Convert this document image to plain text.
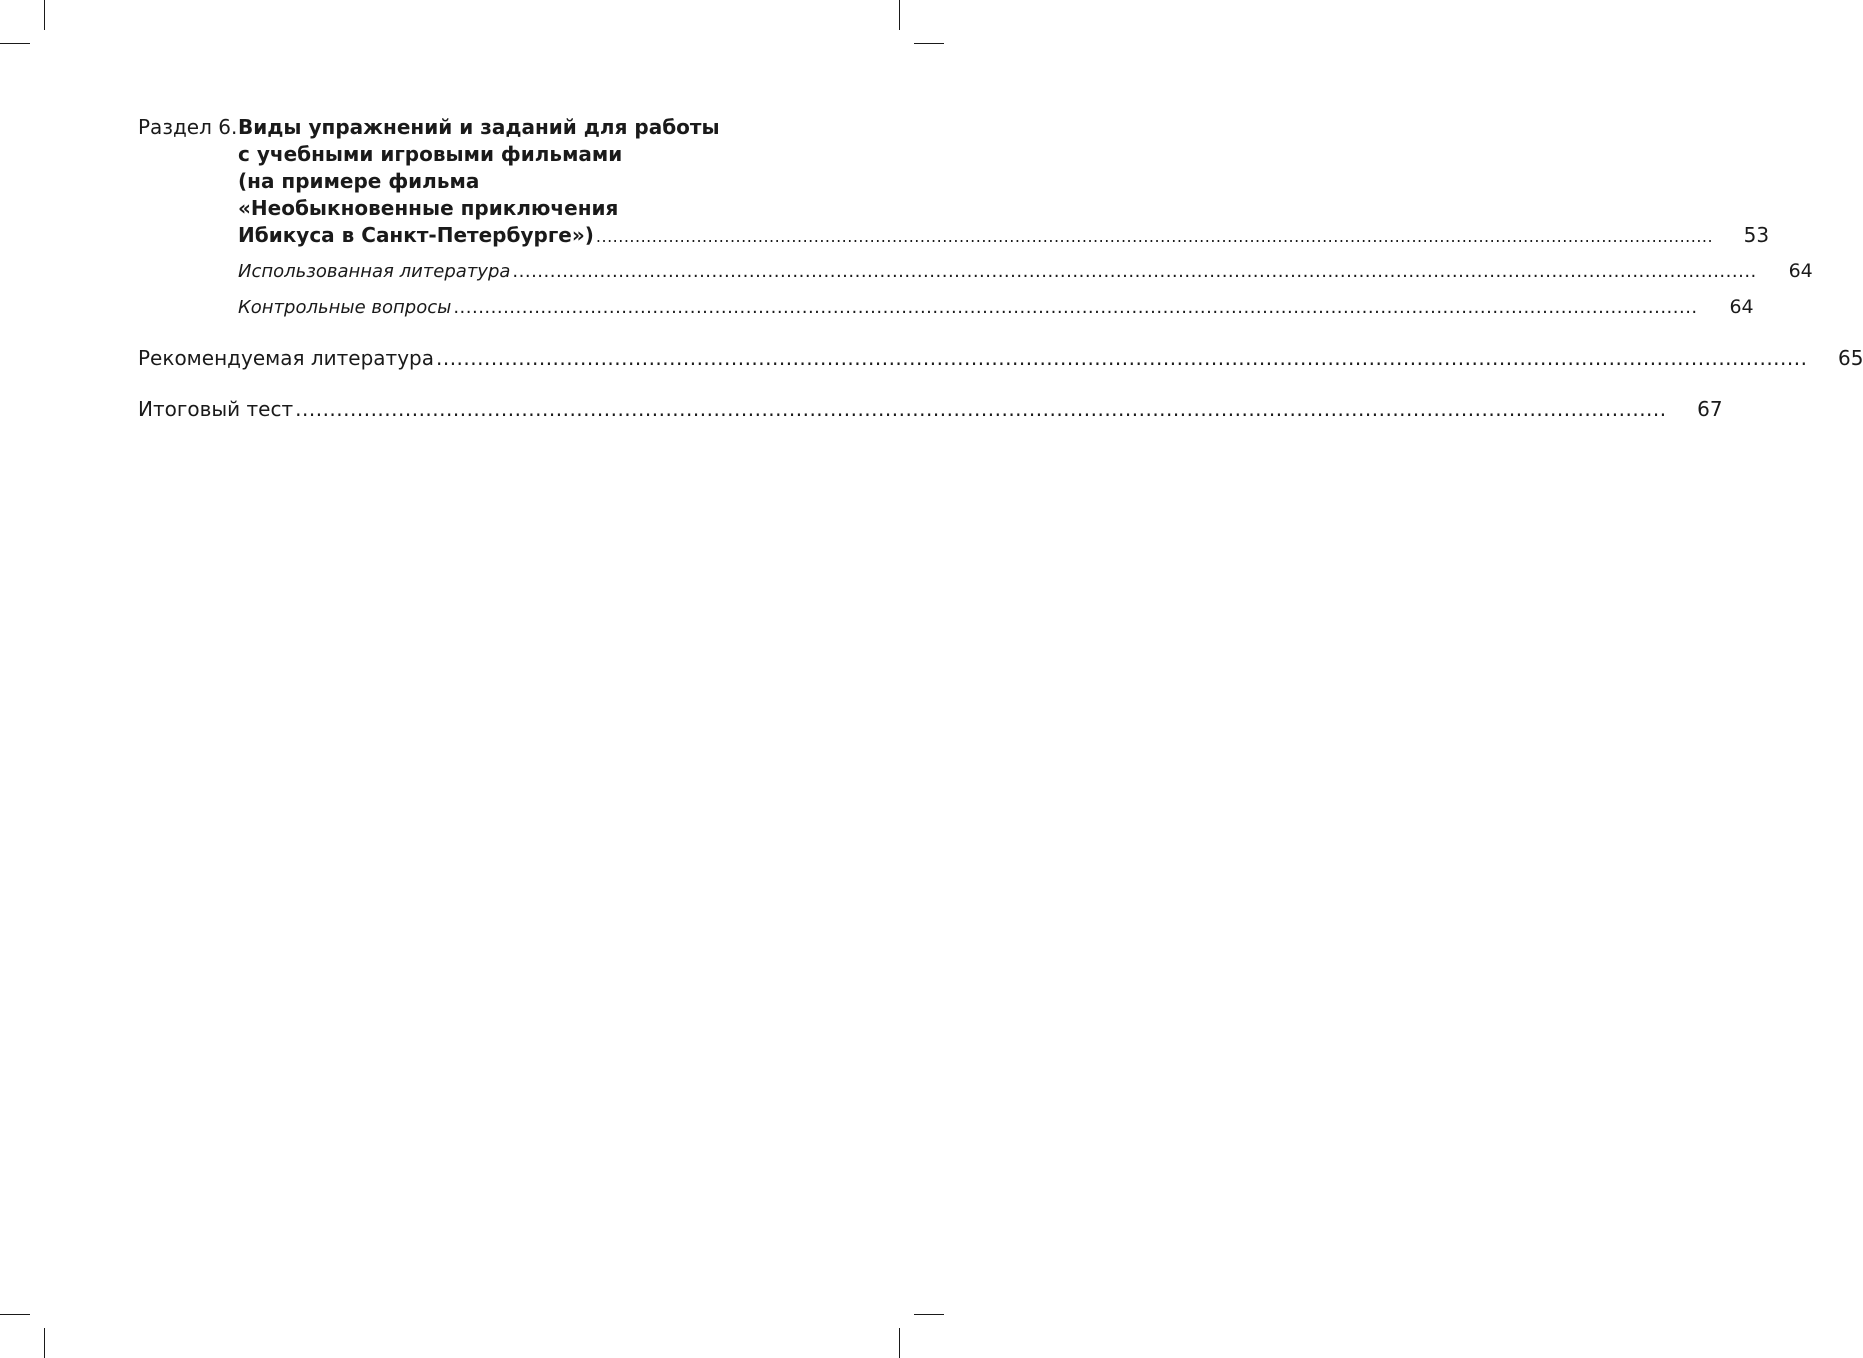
Раздел 6. Виды упражнений и заданий для работы
с учебными игровыми фильмами
(на примере фильма
«Необыкновенные приключения
Ибикуса в Санкт-Петербурге») .....	53
Использованная литература .....	64
Контрольные вопросы .....	64
Рекомендуемая литература .....	65
Итоговый тест .....	67
